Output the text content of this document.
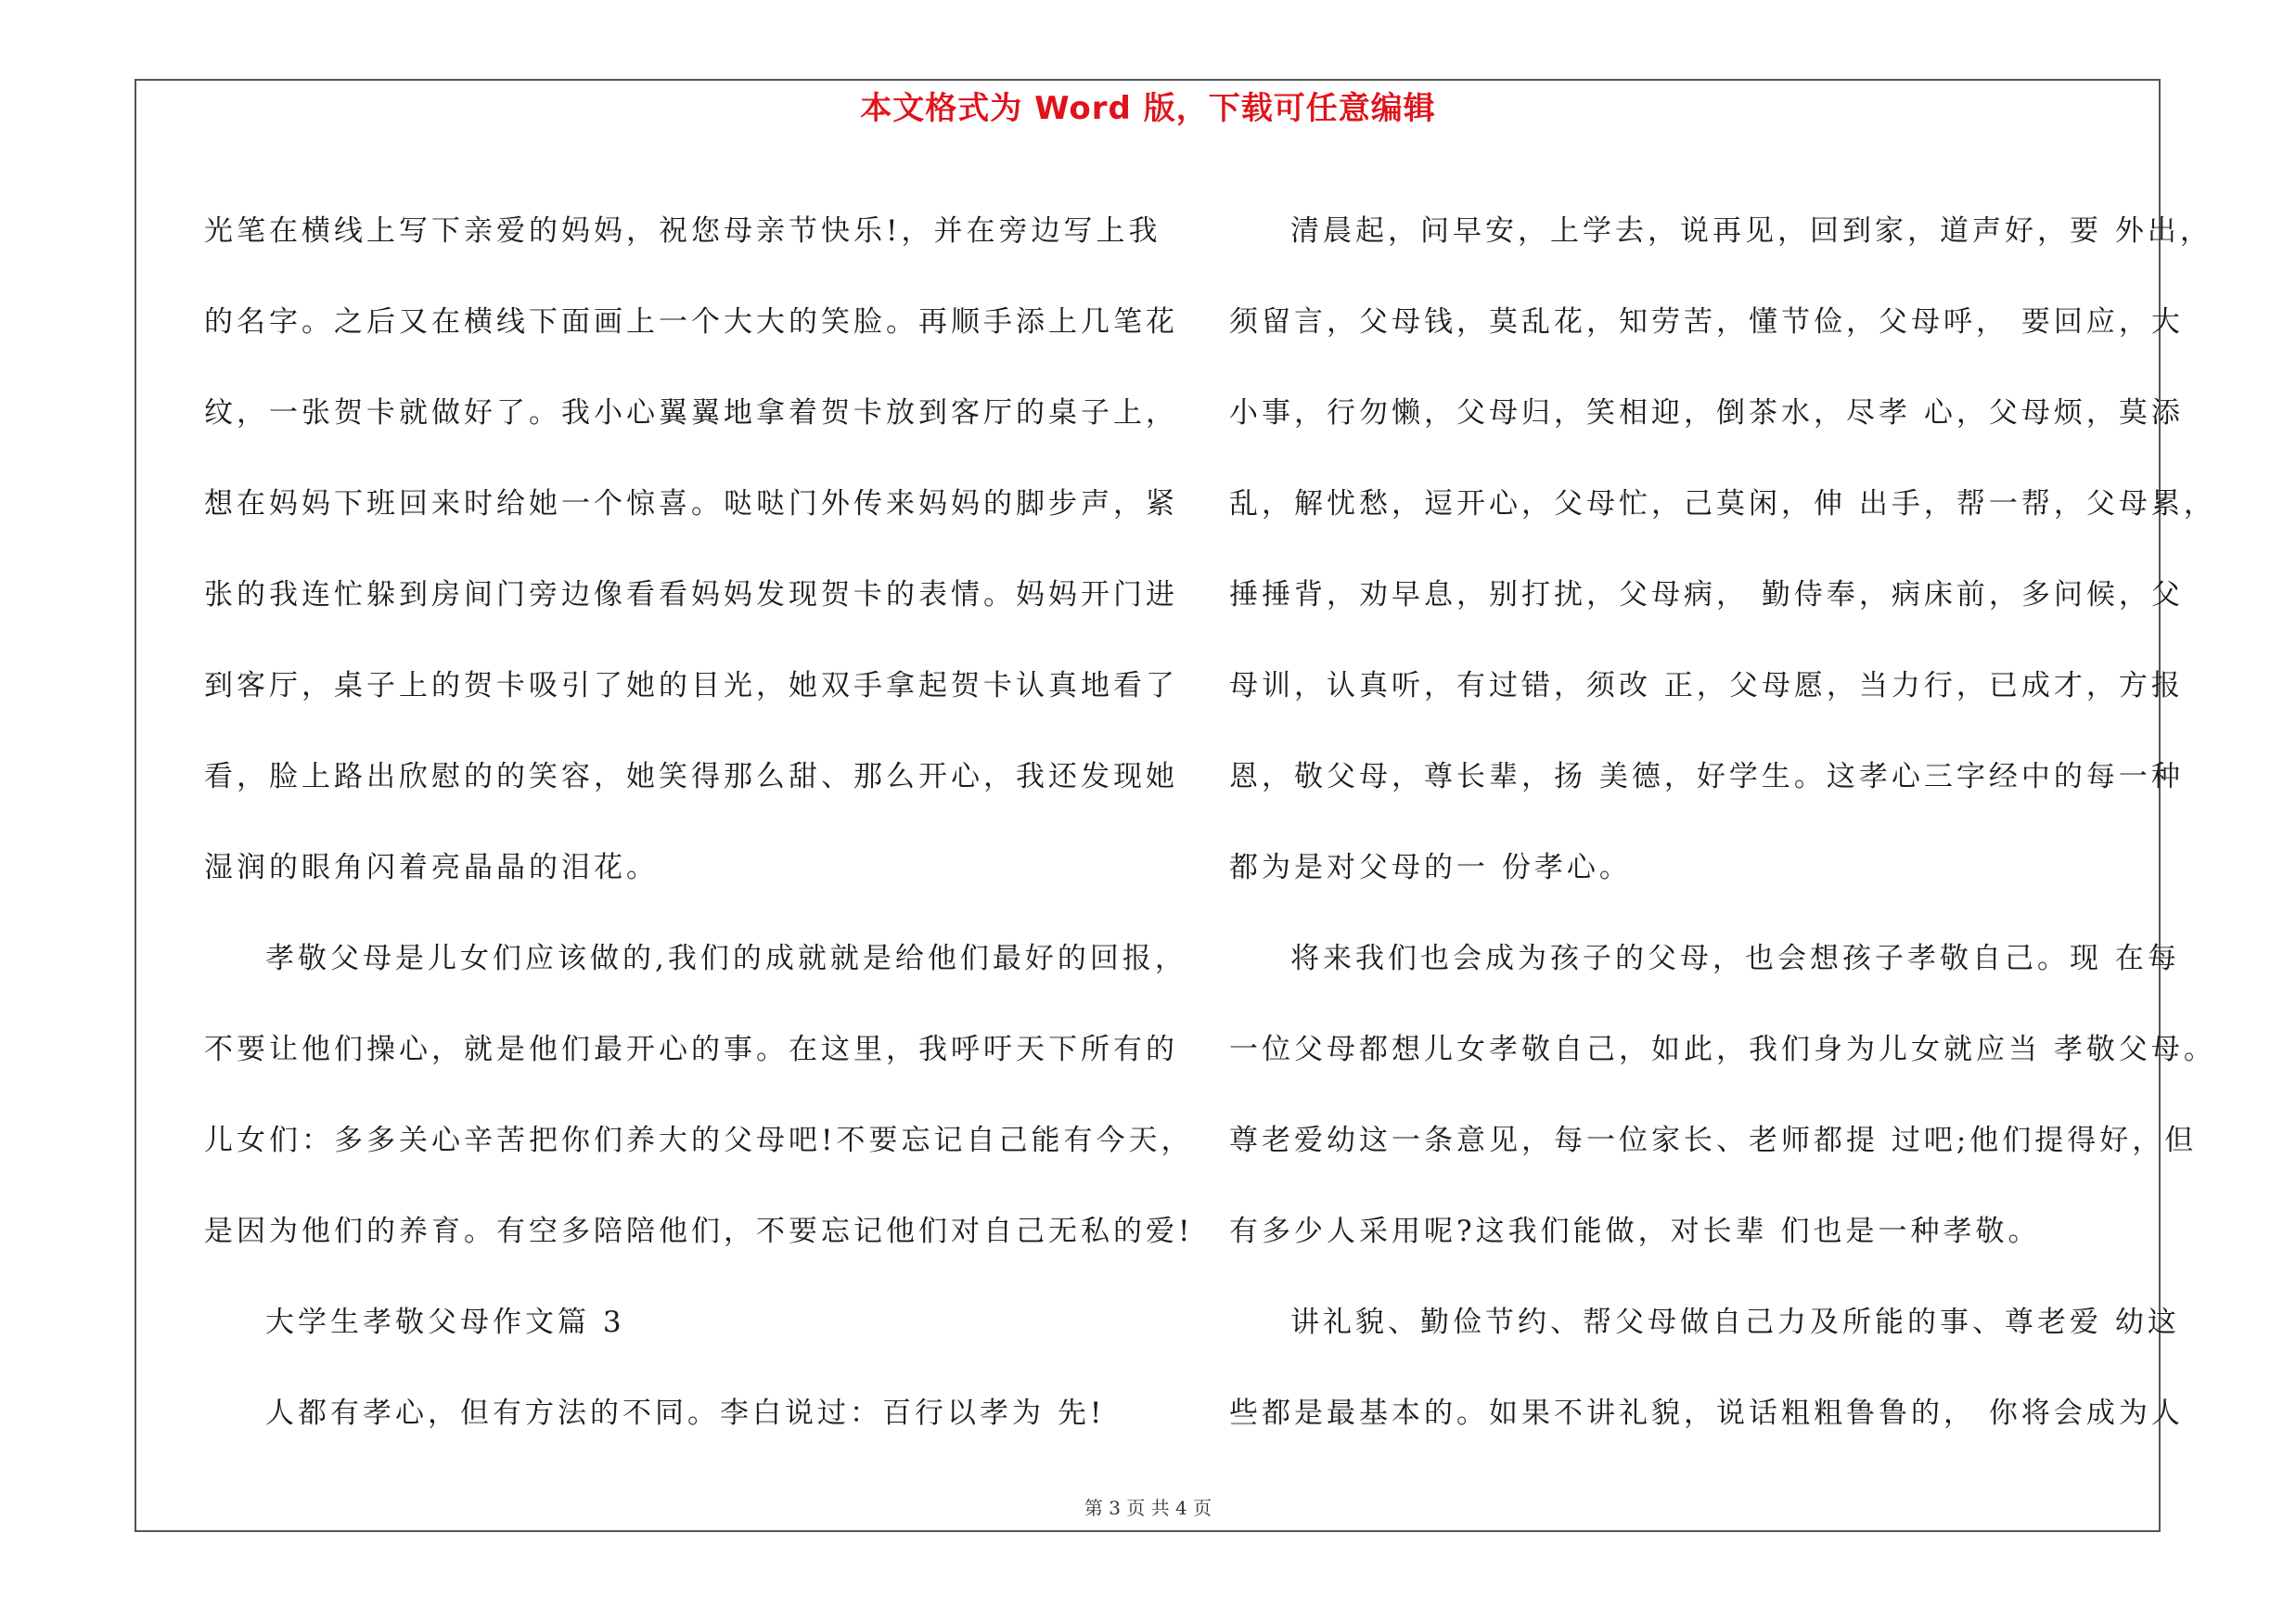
本文格式为 Word 版，下载可任意编辑
光笔在横线上写下亲爱的妈妈，祝您母亲节快乐!，并在旁边写上我
的名字。之后又在横线下面画上一个大大的笑脸。再顺手添上几笔花
纹，一张贺卡就做好了。我小心翼翼地拿着贺卡放到客厅的桌子上，
想在妈妈下班回来时给她一个惊喜。哒哒门外传来妈妈的脚步声，紧
张的我连忙躲到房间门旁边像看看妈妈发现贺卡的表情。妈妈开门进
到客厅，桌子上的贺卡吸引了她的目光，她双手拿起贺卡认真地看了
看，脸上路出欣慰的的笑容，她笑得那么甜、那么开心，我还发现她
湿润的眼角闪着亮晶晶的泪花。
孝敬父母是儿女们应该做的,我们的成就就是给他们最好的回报，
不要让他们操心，就是他们最开心的事。在这里，我呼吁天下所有的
儿女们：多多关心辛苦把你们养大的父母吧!不要忘记自己能有今天，
是因为他们的养育。有空多陪陪他们，不要忘记他们对自己无私的爱!
大学生孝敬父母作文篇 3
人都有孝心，但有方法的不同。李白说过：百行以孝为 先!
清晨起，问早安，上学去，说再见，回到家，道声好，要 外出，
须留言，父母钱，莫乱花，知劳苦，懂节俭，父母呼， 要回应，大
小事，行勿懒，父母归，笑相迎，倒茶水，尽孝 心，父母烦，莫添
乱，解忧愁，逗开心，父母忙，己莫闲，伸 出手，帮一帮，父母累，
捶捶背，劝早息，别打扰，父母病， 勤侍奉，病床前，多问候，父
母训，认真听，有过错，须改 正，父母愿，当力行，已成才，方报
恩，敬父母，尊长辈，扬 美德，好学生。这孝心三字经中的每一种
都为是对父母的一 份孝心。
将来我们也会成为孩子的父母，也会想孩子孝敬自己。现 在每
一位父母都想儿女孝敬自己，如此，我们身为儿女就应当 孝敬父母。
尊老爱幼这一条意见，每一位家长、老师都提 过吧;他们提得好，但
有多少人采用呢?这我们能做，对长辈 们也是一种孝敬。
讲礼貌、勤俭节约、帮父母做自己力及所能的事、尊老爱 幼这
些都是最基本的。如果不讲礼貌，说话粗粗鲁鲁的， 你将会成为人
第 3 页 共 4 页
